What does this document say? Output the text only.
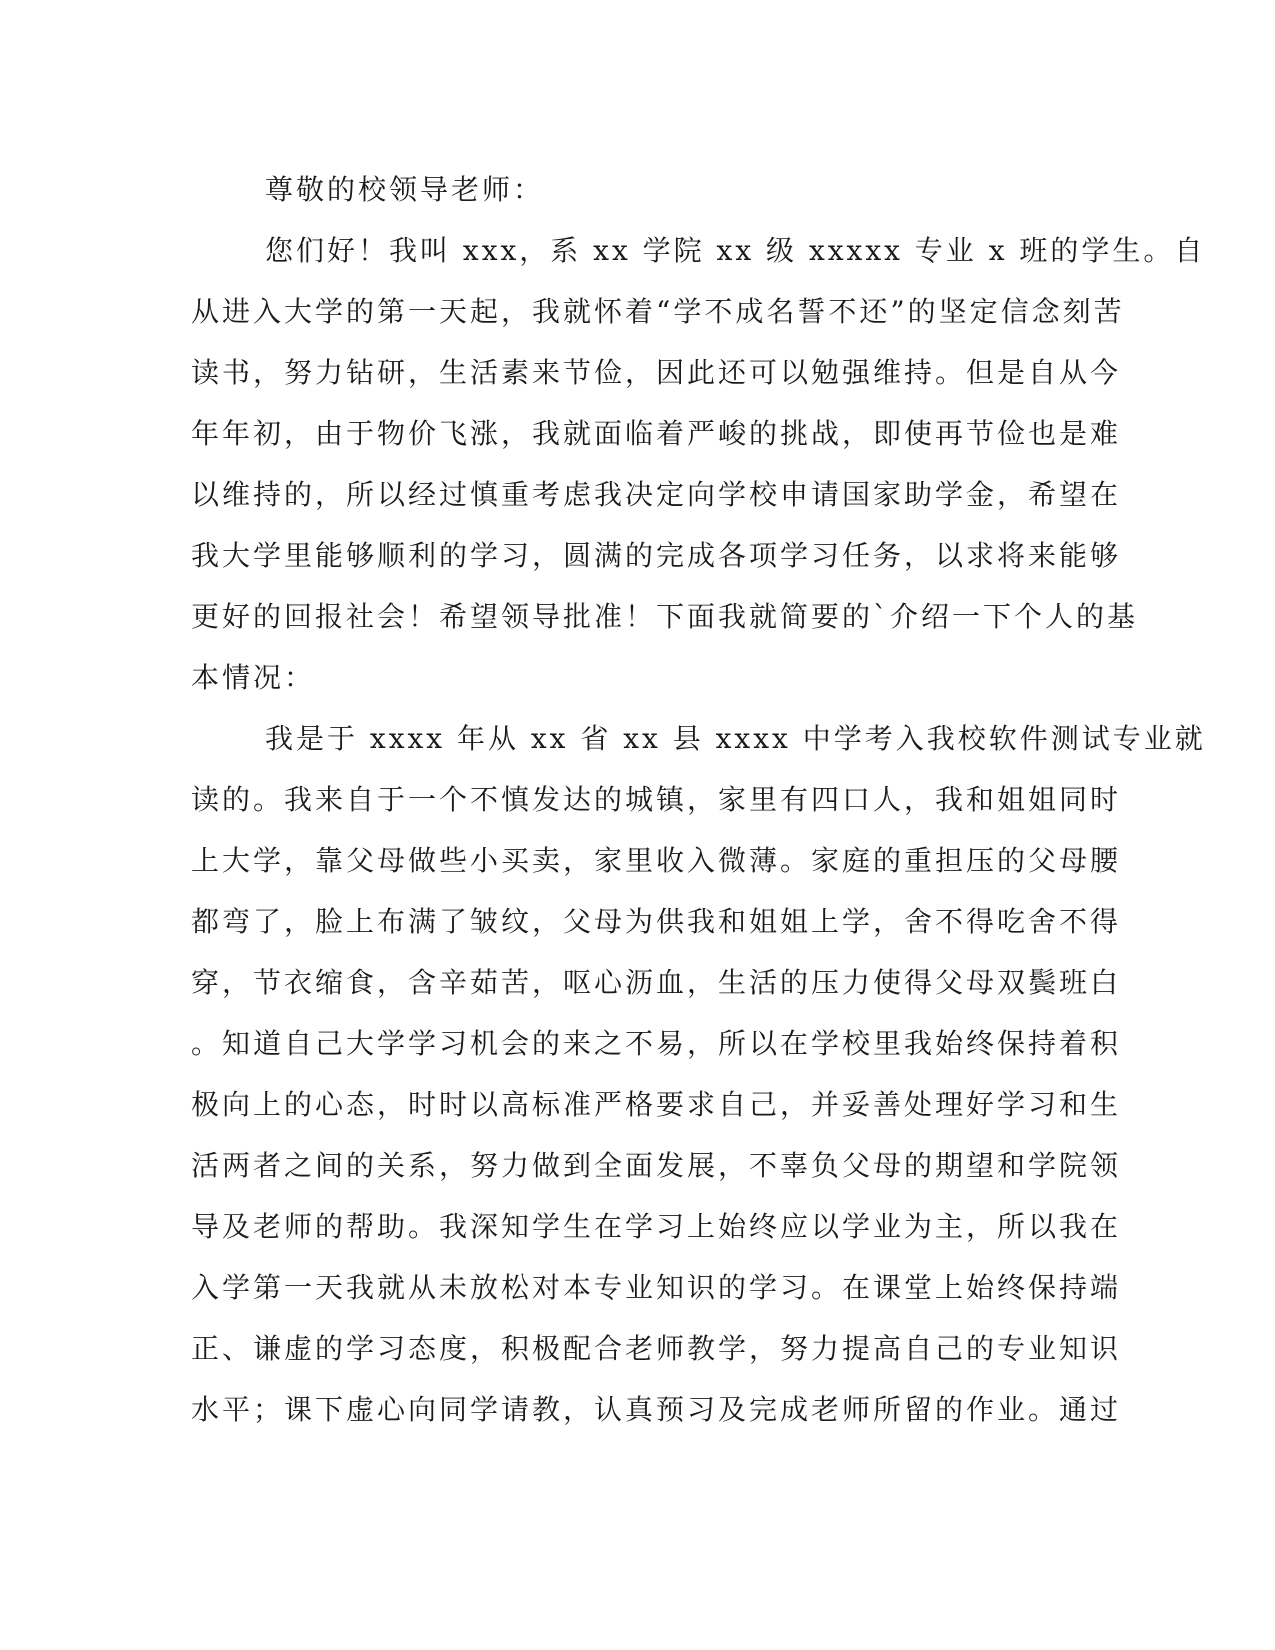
尊敬的校领导老师：
您们好！我叫 xxx，系 xx 学院 xx 级 xxxxx 专业 x 班的学生。自
从进入大学的第一天起，我就怀着“学不成名誓不还”的坚定信念刻苦
读书，努力钻研，生活素来节俭，因此还可以勉强维持。但是自从今
年年初，由于物价飞涨，我就面临着严峻的挑战，即使再节俭也是难
以维持的，所以经过慎重考虑我决定向学校申请国家助学金，希望在
我大学里能够顺利的学习，圆满的完成各项学习任务，以求将来能够
更好的回报社会！希望领导批准！下面我就简要的`介绍一下个人的基
本情况：
我是于 xxxx 年从 xx 省 xx 县 xxxx 中学考入我校软件测试专业就
读的。我来自于一个不慎发达的城镇，家里有四口人，我和姐姐同时
上大学，靠父母做些小买卖，家里收入微薄。家庭的重担压的父母腰
都弯了，脸上布满了皱纹，父母为供我和姐姐上学，舍不得吃舍不得
穿，节衣缩食，含辛茹苦，呕心沥血，生活的压力使得父母双鬓班白
。知道自己大学学习机会的来之不易，所以在学校里我始终保持着积
极向上的心态，时时以高标准严格要求自己，并妥善处理好学习和生
活两者之间的关系，努力做到全面发展，不辜负父母的期望和学院领
导及老师的帮助。我深知学生在学习上始终应以学业为主，所以我在
入学第一天我就从未放松对本专业知识的学习。在课堂上始终保持端
正、谦虚的学习态度，积极配合老师教学，努力提高自己的专业知识
水平；课下虚心向同学请教，认真预习及完成老师所留的作业。通过
